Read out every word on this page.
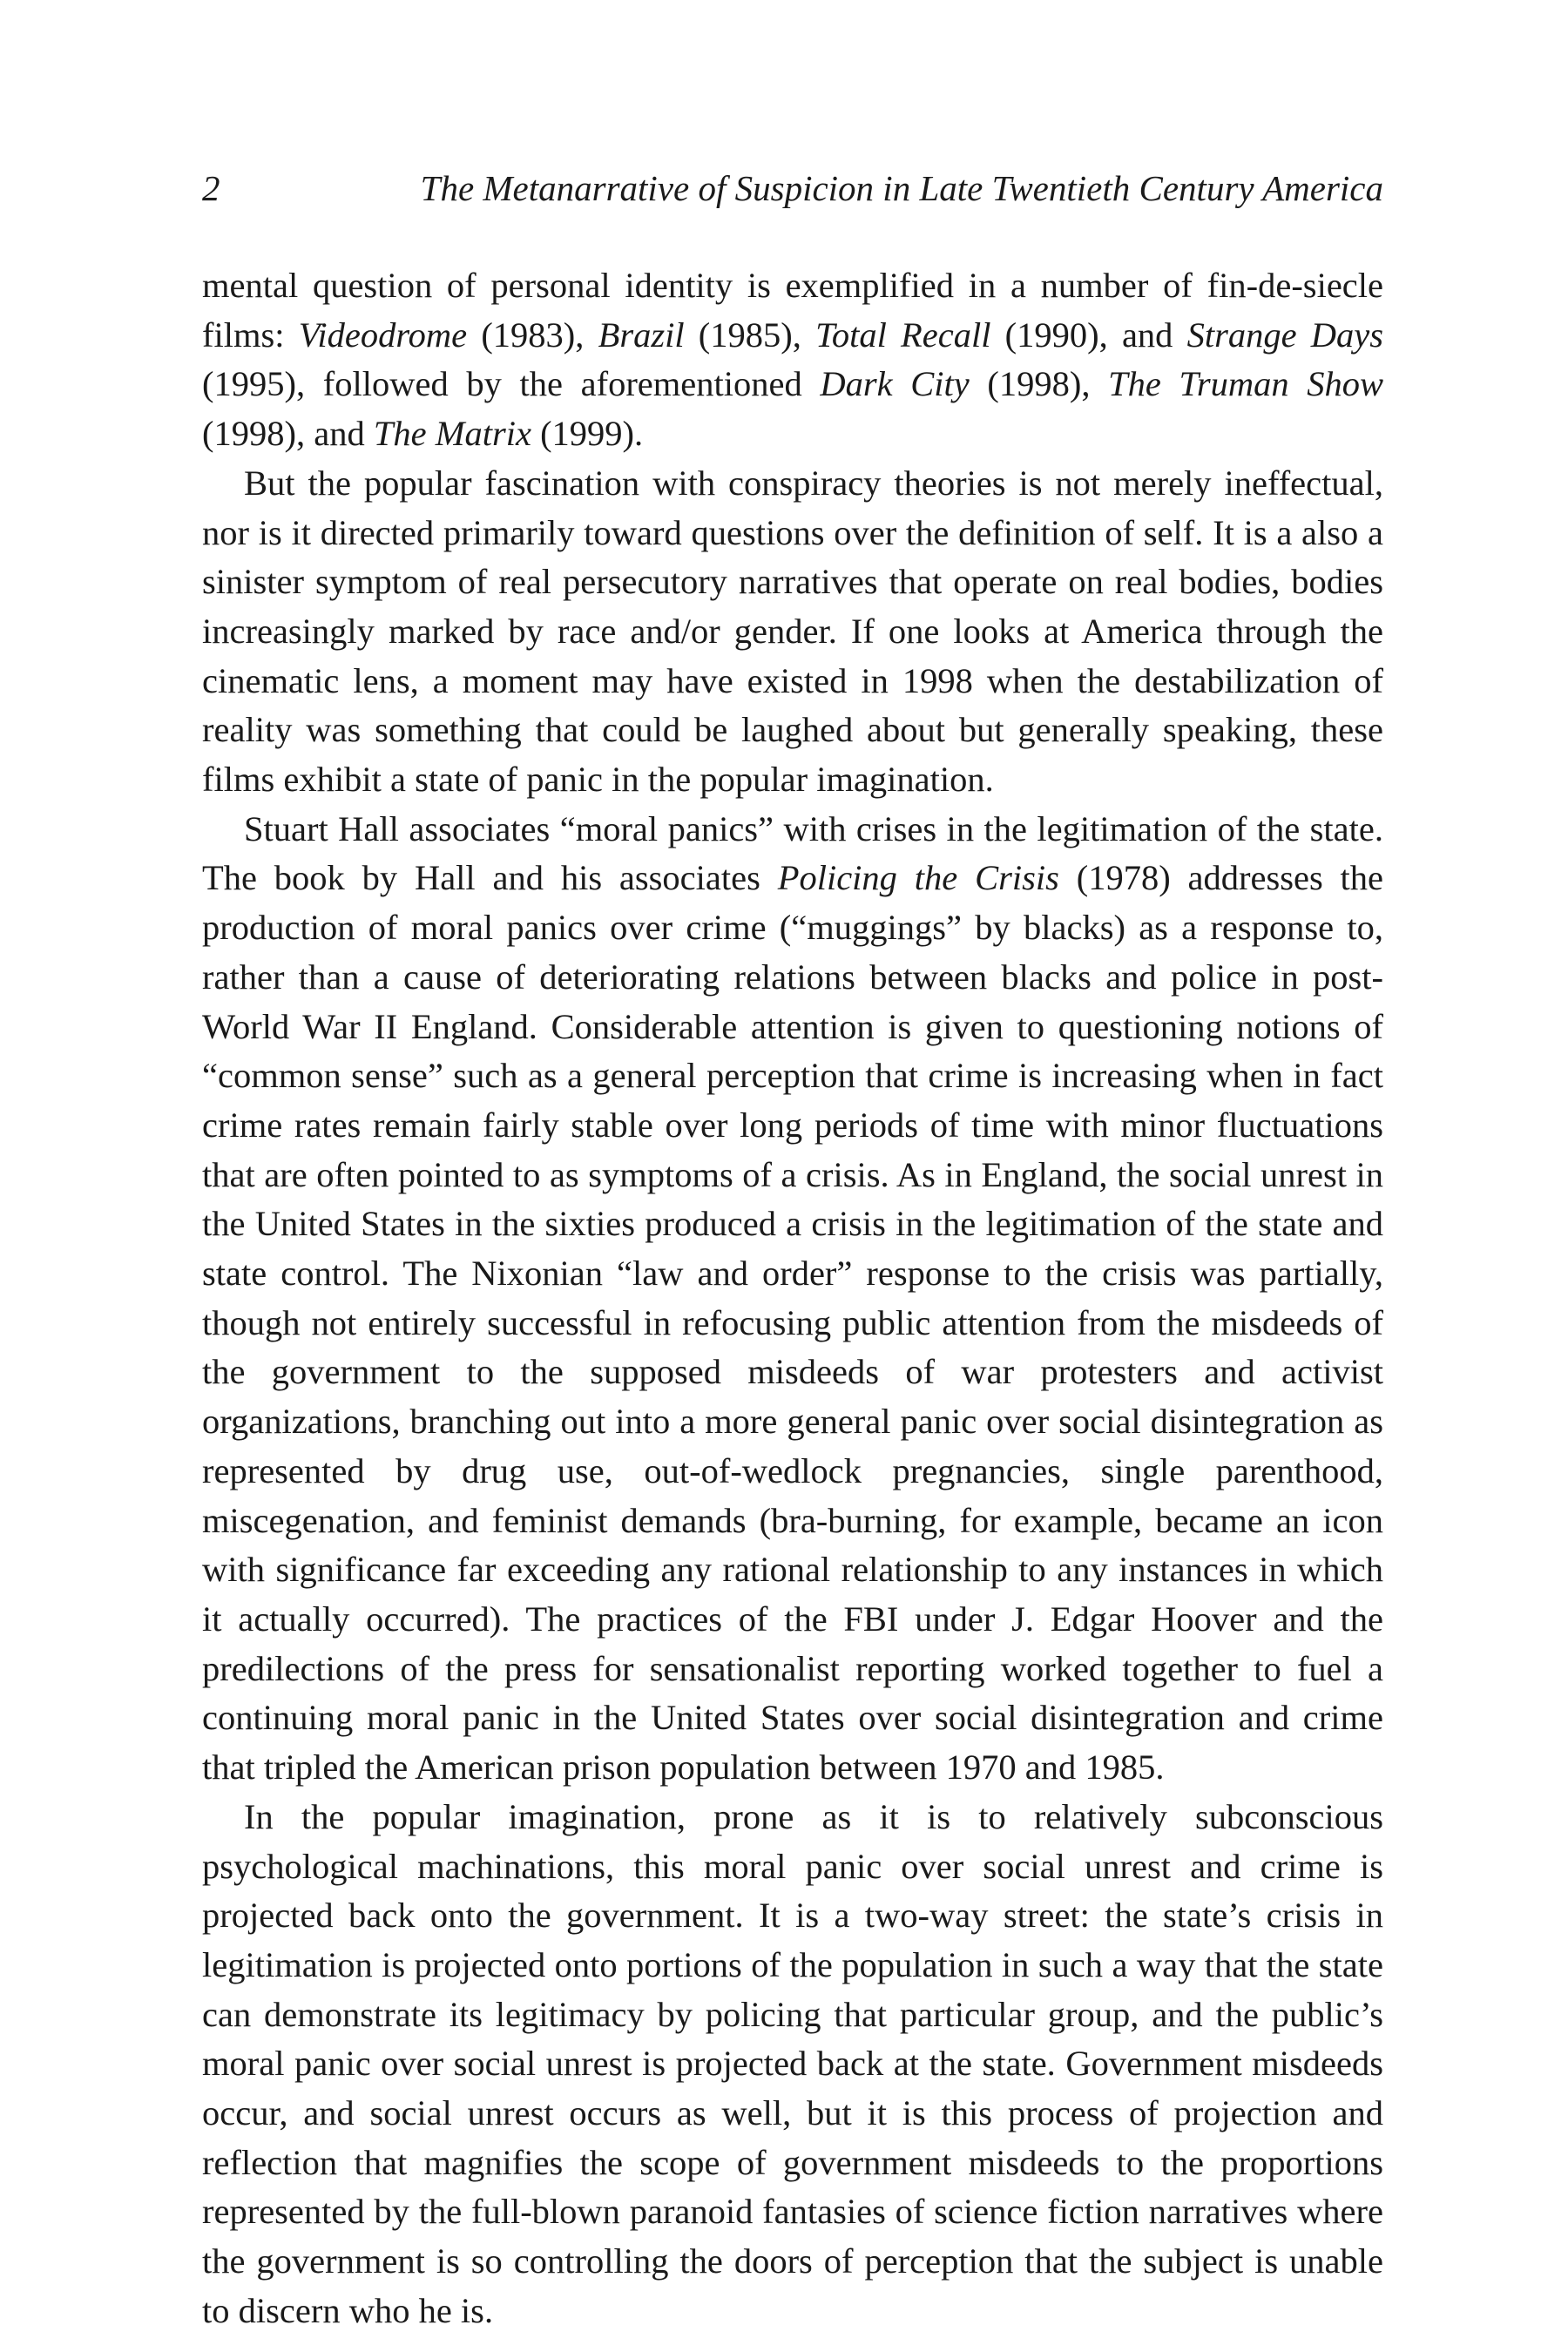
2	The Metanarrative of Suspicion in Late Twentieth Century America

mental question of personal identity is exemplified in a number of fin-de-siecle films: Videodrome (1983), Brazil (1985), Total Recall (1990), and Strange Days (1995), followed by the aforementioned Dark City (1998), The Truman Show (1998), and The Matrix (1999).

But the popular fascination with conspiracy theories is not merely ineffectual, nor is it directed primarily toward questions over the definition of self. It is a also a sinister symptom of real persecutory narratives that operate on real bodies, bodies increasingly marked by race and/or gender. If one looks at America through the cinematic lens, a moment may have existed in 1998 when the destabilization of reality was something that could be laughed about but generally speaking, these films exhibit a state of panic in the popular imagination.

Stuart Hall associates “moral panics” with crises in the legitimation of the state. The book by Hall and his associates Policing the Crisis (1978) addresses the production of moral panics over crime (“muggings” by blacks) as a response to, rather than a cause of deteriorating relations between blacks and police in post-World War II England. Considerable attention is given to questioning notions of “common sense” such as a general perception that crime is increasing when in fact crime rates remain fairly stable over long periods of time with minor fluctuations that are often pointed to as symptoms of a crisis. As in England, the social unrest in the United States in the sixties produced a crisis in the legitimation of the state and state control. The Nixonian “law and order” response to the crisis was partially, though not entirely successful in refocusing public attention from the misdeeds of the government to the supposed misdeeds of war protesters and activist organizations, branching out into a more general panic over social disintegration as represented by drug use, out-of-wedlock pregnancies, single parenthood, miscegenation, and feminist demands (bra-burning, for example, became an icon with significance far exceeding any rational relationship to any instances in which it actually occurred). The practices of the FBI under J. Edgar Hoover and the predilections of the press for sensationalist reporting worked together to fuel a continuing moral panic in the United States over social disintegration and crime that tripled the American prison population between 1970 and 1985.

In the popular imagination, prone as it is to relatively subconscious psychological machinations, this moral panic over social unrest and crime is projected back onto the government. It is a two-way street: the state’s crisis in legitimation is projected onto portions of the population in such a way that the state can demonstrate its legitimacy by policing that particular group, and the public’s moral panic over social unrest is projected back at the state. Government misdeeds occur, and social unrest occurs as well, but it is this process of projection and reflection that magnifies the scope of government misdeeds to the proportions represented by the full-blown paranoid fantasies of science fiction narratives where the government is so controlling the doors of perception that the subject is unable to discern who he is.
